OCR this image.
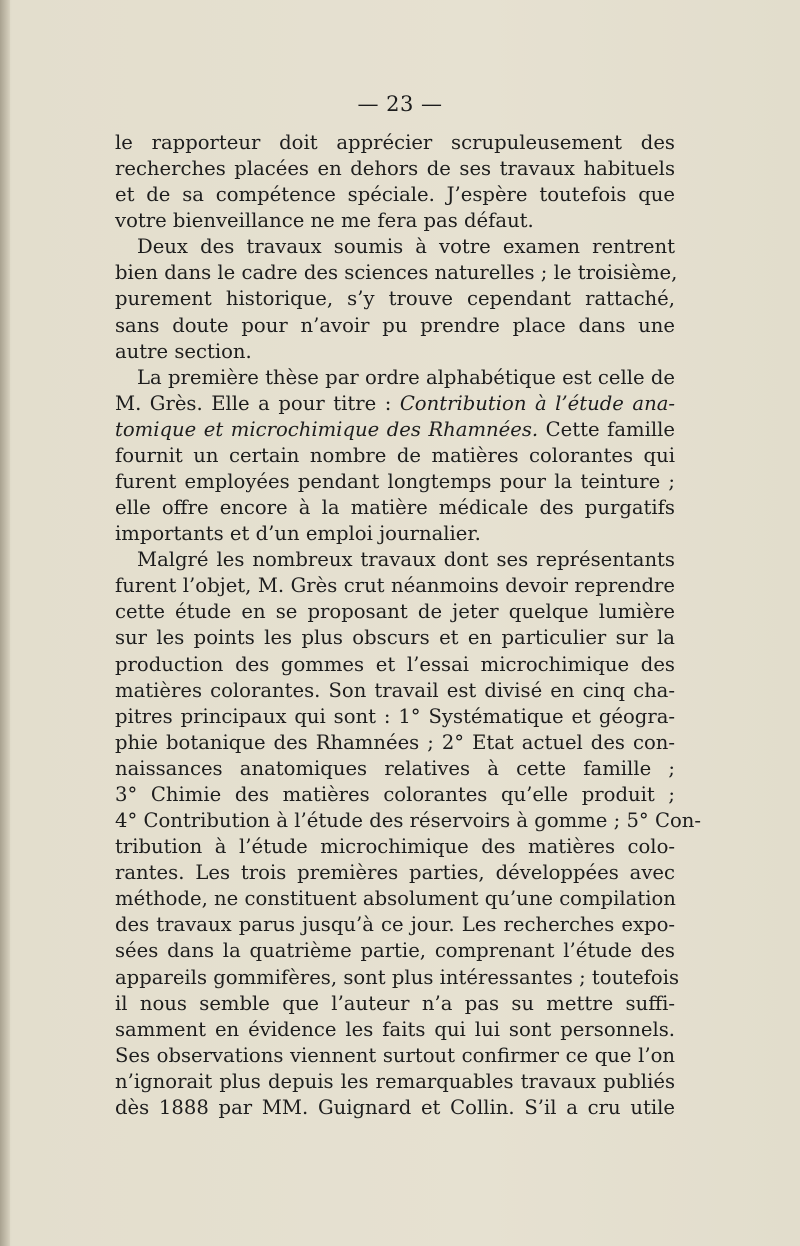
— 23 —
le rapporteur doit apprécier scrupuleusement des
recherches placées en dehors de ses travaux habituels
et de sa compétence spéciale. J’espère toutefois que
votre bienveillance ne me fera pas défaut.
Deux des travaux soumis à votre examen rentrent
bien dans le cadre des sciences naturelles ; le troisième,
purement historique, s’y trouve cependant rattaché,
sans doute pour n’avoir pu prendre place dans une
autre section.
La première thèse par ordre alphabétique est celle de
M. Grès. Elle a pour titre : Contribution à l’étude ana-
tomique et microchimique des Rhamnées. Cette famille
fournit un certain nombre de matières colorantes qui
furent employées pendant longtemps pour la teinture ;
elle offre encore à la matière médicale des purgatifs
importants et d’un emploi journalier.
Malgré les nombreux travaux dont ses représentants
furent l’objet, M. Grès crut néanmoins devoir reprendre
cette étude en se proposant de jeter quelque lumière
sur les points les plus obscurs et en particulier sur la
production des gommes et l’essai microchimique des
matières colorantes. Son travail est divisé en cinq cha-
pitres principaux qui sont : 1° Systématique et géogra-
phie botanique des Rhamnées ; 2° Etat actuel des con-
naissances anatomiques relatives à cette famille ;
3° Chimie des matières colorantes qu’elle produit ;
4° Contribution à l’étude des réservoirs à gomme ; 5° Con-
tribution à l’étude microchimique des matières colo-
rantes. Les trois premières parties, développées avec
méthode, ne constituent absolument qu’une compilation
des travaux parus jusqu’à ce jour. Les recherches expo-
sées dans la quatrième partie, comprenant l’étude des
appareils gommifères, sont plus intéressantes ; toutefois
il nous semble que l’auteur n’a pas su mettre suffi-
samment en évidence les faits qui lui sont personnels.
Ses observations viennent surtout confirmer ce que l’on
n’ignorait plus depuis les remarquables travaux publiés
dès 1888 par MM. Guignard et Collin. S’il a cru utile
